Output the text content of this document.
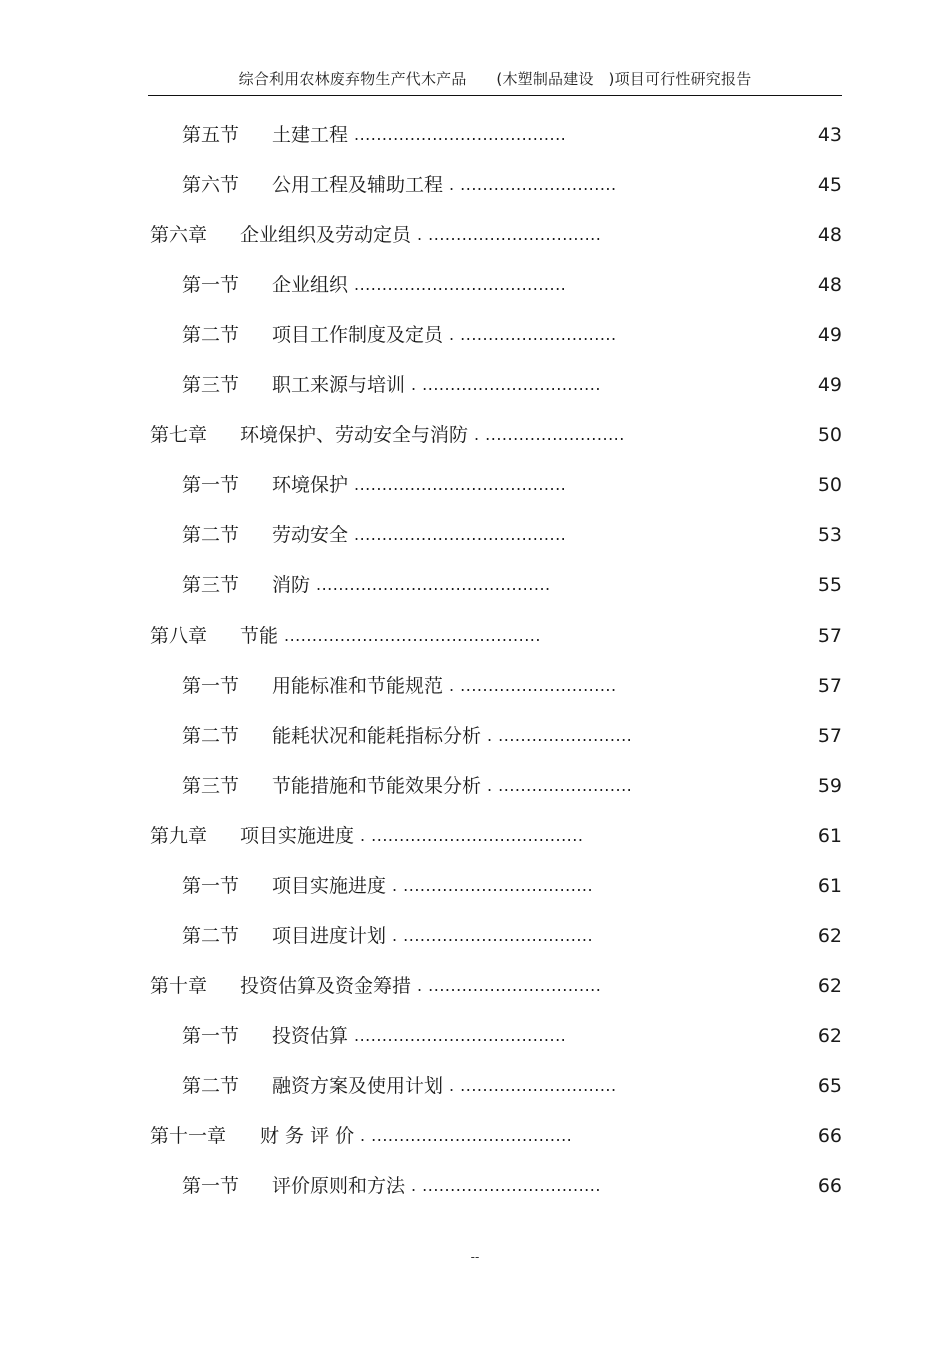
综合利用农林废弃物生产代木产品      (木塑制品建设   )项目可行性研究报告
第五节 土建工程 ......................................	43
第六节 公用工程及辅助工程 . ............................	45
第六章 企业组织及劳动定员 . ...............................	48
第一节 企业组织 ......................................	48
第二节 项目工作制度及定员 . ............................	49
第三节 职工来源与培训 . ................................	49
第七章 环境保护、劳动安全与消防 . .........................	50
第一节 环境保护 ......................................	50
第二节 劳动安全 ......................................	53
第三节 消防 ..........................................	55
第八章 节能 ..............................................	57
第一节 用能标准和节能规范 . ............................	57
第二节 能耗状况和能耗指标分析 . ........................	57
第三节 节能措施和节能效果分析 . ........................	59
第九章 项目实施进度 . ......................................	61
第一节 项目实施进度 . ..................................	61
第二节 项目进度计划 . ..................................	62
第十章 投资估算及资金筹措 . ...............................	62
第一节 投资估算 ......................................	62
第二节 融资方案及使用计划 . ............................	65
第十一章 财 务 评 价 . ....................................	66
第一节 评价原则和方法 . ................................	66
--
